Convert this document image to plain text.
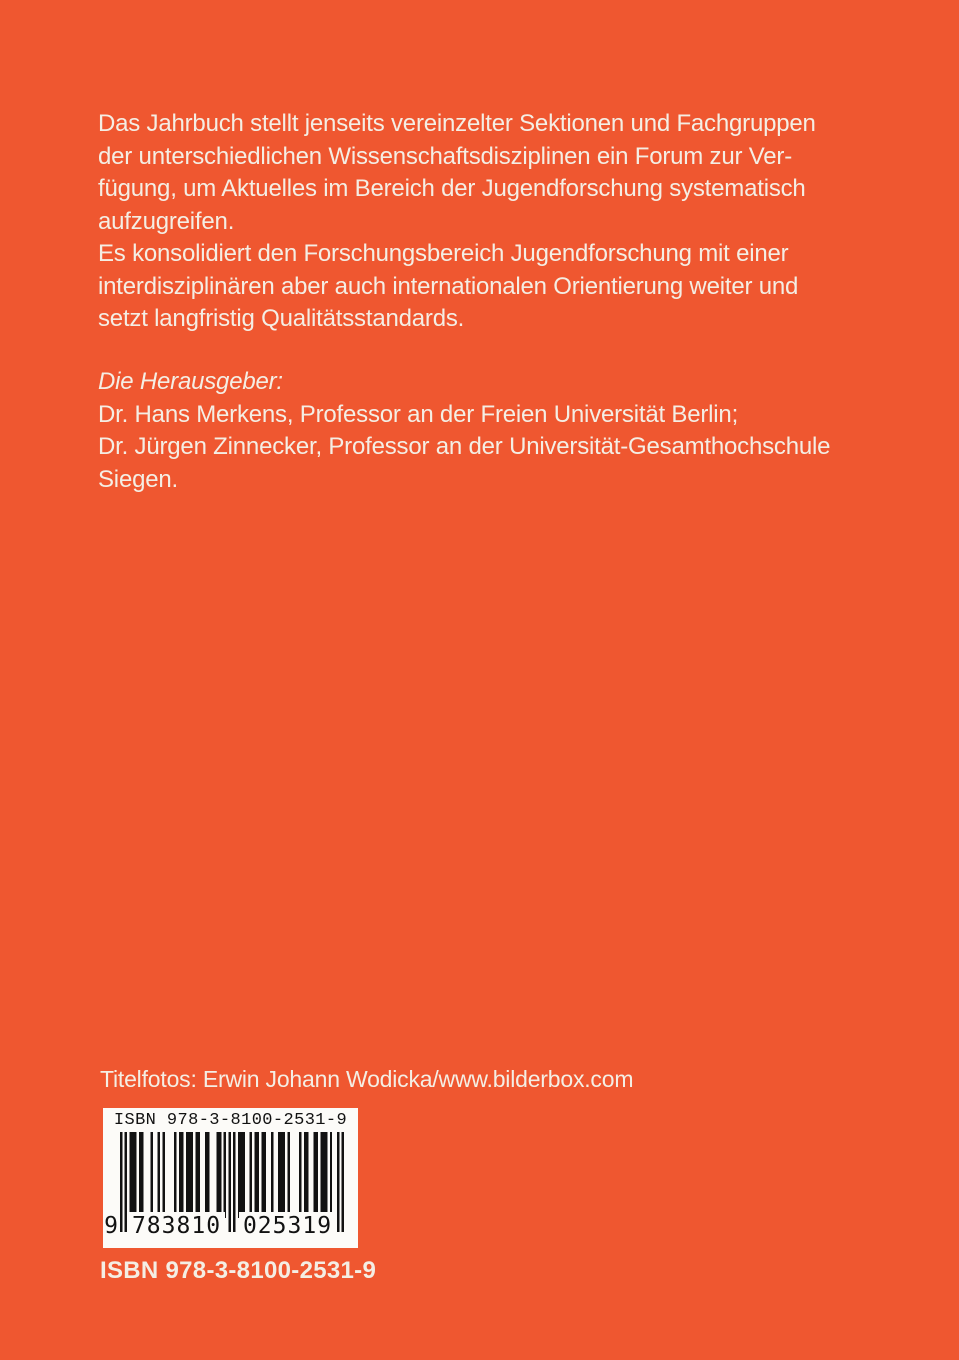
Das Jahrbuch stellt jenseits vereinzelter Sektionen und Fachgruppen
der unterschiedlichen Wissenschaftsdisziplinen ein Forum zur Ver-
fügung, um Aktuelles im Bereich der Jugendforschung systematisch
aufzugreifen.
Es konsolidiert den Forschungsbereich Jugendforschung mit einer
interdisziplinären aber auch internationalen Orientierung weiter und
setzt langfristig Qualitätsstandards.
Die Herausgeber:
Dr. Hans Merkens, Professor an der Freien Universität Berlin;
Dr. Jürgen Zinnecker, Professor an der Universität-Gesamthochschule
Siegen.
Titelfotos: Erwin Johann Wodicka/www.bilderbox.com
ISBN 978-3-8100-2531-9
9 783810 025319
ISBN 978-3-8100-2531-9
